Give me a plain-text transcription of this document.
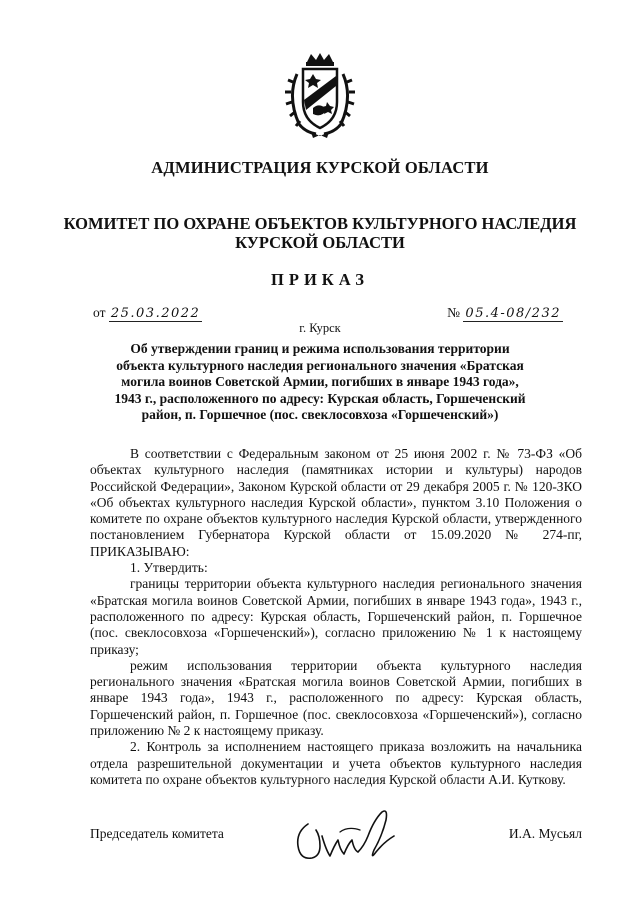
АДМИНИСТРАЦИЯ КУРСКОЙ ОБЛАСТИ
КОМИТЕТ ПО ОХРАНЕ ОБЪЕКТОВ КУЛЬТУРНОГО НАСЛЕДИЯ КУРСКОЙ ОБЛАСТИ
ПРИКАЗ
от 25.03.2022	№ 05.4-08/232
г. Курск
Об утверждении границ и режима использования территории объекта культурного наследия регионального значения «Братская могила воинов Советской Армии, погибших в январе 1943 года», 1943 г., расположенного по адресу: Курская область, Горшеченский район, п. Горшечное (пос. свеклосовхоза «Горшеченский»)

В соответствии с Федеральным законом от 25 июня 2002 г. № 73-ФЗ «Об объектах культурного наследия (памятниках истории и культуры) народов Российской Федерации», Законом Курской области от 29 декабря 2005 г. № 120-ЗКО «Об объектах культурного наследия Курской области», пунктом 3.10 Положения о комитете по охране объектов культурного наследия Курской области, утвержденного постановлением Губернатора Курской области от 15.09.2020 № 274-пг, ПРИКАЗЫВАЮ:

1. Утвердить:

границы территории объекта культурного наследия регионального значения «Братская могила воинов Советской Армии, погибших в январе 1943 года», 1943 г., расположенного по адресу: Курская область, Горшеченский район, п. Горшечное (пос. свеклосовхоза «Горшеченский»), согласно приложению № 1 к настоящему приказу;

режим использования территории объекта культурного наследия регионального значения «Братская могила воинов Советской Армии, погибших в январе 1943 года», 1943 г., расположенного по адресу: Курская область, Горшеченский район, п. Горшечное (пос. свеклосовхоза «Горшеченский»), согласно приложению № 2 к настоящему приказу.

2. Контроль за исполнением настоящего приказа возложить на начальника отдела разрешительной документации и учета объектов культурного наследия комитета по охране объектов культурного наследия Курской области А.И. Куткову.

Председатель комитета	И.А. Мусьял
